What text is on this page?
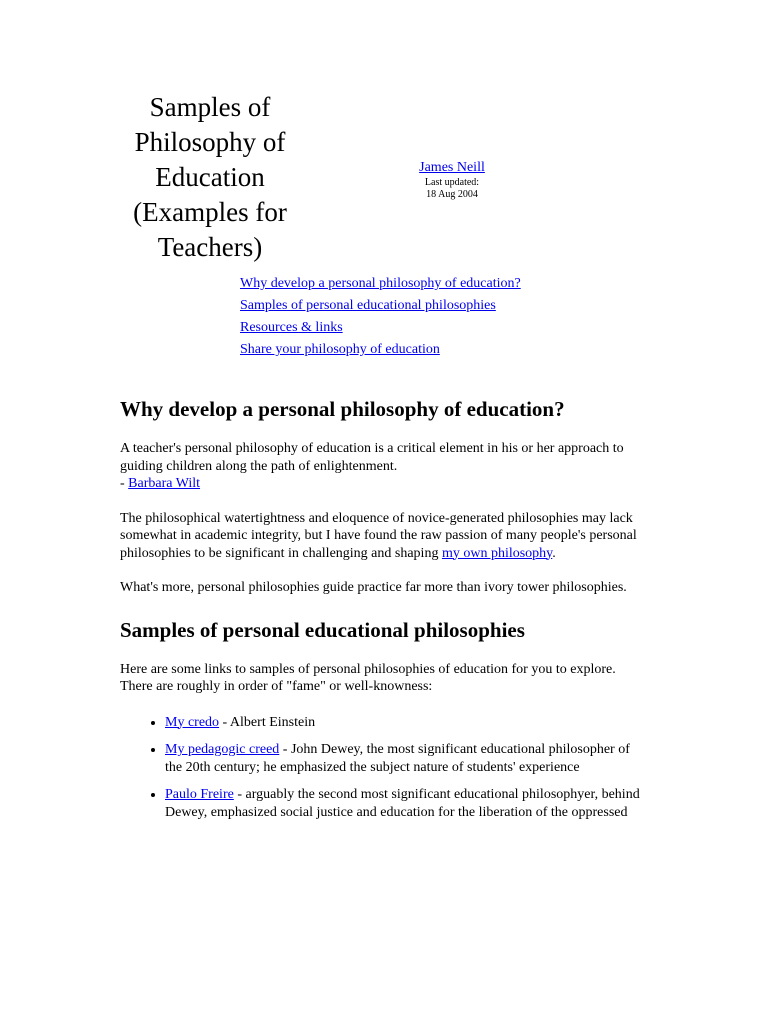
Samples of Philosophy of Education (Examples for Teachers)
James Neill
Last updated:
18 Aug 2004
Why develop a personal philosophy of education?
Samples of personal educational philosophies
Resources & links
Share your philosophy of education
Why develop a personal philosophy of education?

A teacher's personal philosophy of education is a critical element in his or her approach to guiding children along the path of enlightenment.
- Barbara Wilt

The philosophical watertightness and eloquence of novice-generated philosophies may lack somewhat in academic integrity, but I have found the raw passion of many people's personal philosophies to be significant in challenging and shaping my own philosophy.

What's more, personal philosophies guide practice far more than ivory tower philosophies.

Samples of personal educational philosophies

Here are some links to samples of personal philosophies of education for you to explore. There are roughly in order of "fame" or well-knowness:

• My credo - Albert Einstein
• My pedagogic creed - John Dewey, the most significant educational philosopher of the 20th century; he emphasized the subject nature of students' experience
• Paulo Freire - arguably the second most significant educational philosophyer, behind Dewey, emphasized social justice and education for the liberation of the oppressed
